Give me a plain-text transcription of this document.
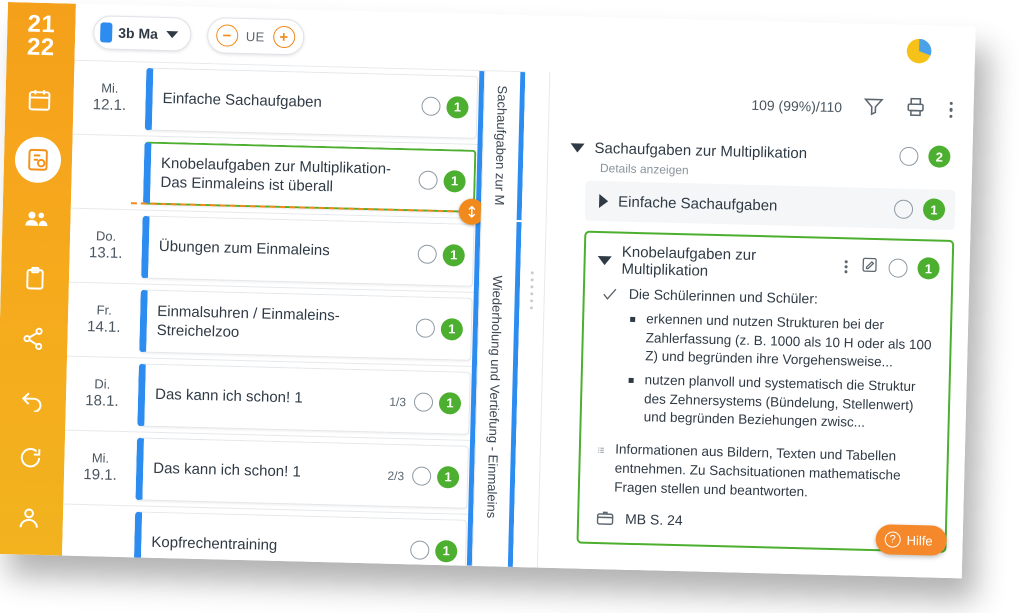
21
22
3b Ma	−	UE +
Mi.
12.1. Einfache Sachaufgaben	1
Knobelaufgaben zur Multiplikation- Das Einmaleins ist überall	1
Do.
13.1. Übungen zum Einmaleins	1
Fr.
14.1.
Einmalsuhren / Einmaleins-Streichelzoo	1
Di.
18.1. Das kann ich schon! 1	1/3	1
Mi.
19.1. Das kann ich schon! 1	2/3	1
Kopfrechentraining	1
Sachaufgaben zur M
Wiederholung und Vertiefung - Einmaleins
109 (99%)/110
Sachaufgaben zur Multiplikation	2
Details anzeigen
Einfache Sachaufgaben	1
Knobelaufgaben zur Multiplikation	1
Die Schülerinnen und Schüler:
erkennen und nutzen Strukturen bei der Zahlerfassung (z. B. 1000 als 10 H oder als 100 Z) und begründen ihre Vorgehensweise...
nutzen planvoll und systematisch die Struktur des Zehnersystems (Bündelung, Stellenwert) und begründen Beziehungen zwisc...
Informationen aus Bildern, Texten und Tabellen entnehmen. Zu Sachsituationen mathematische Fragen stellen und beantworten.
MB S. 24
? Hilfe
